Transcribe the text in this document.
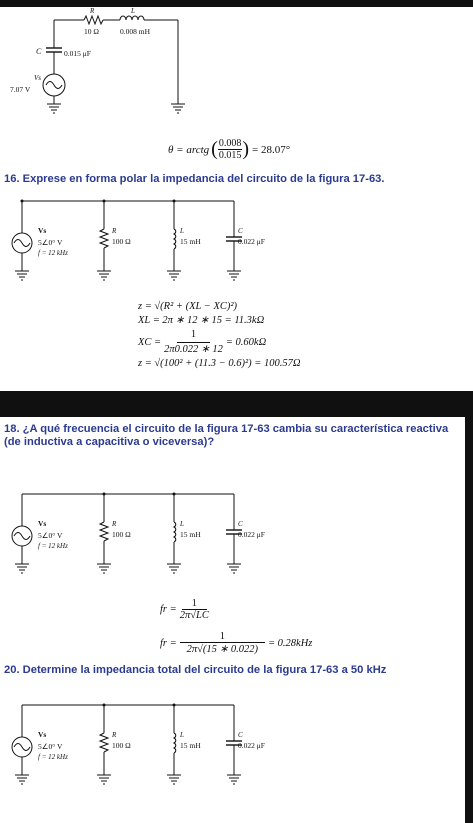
R
10 Ω
L
0.008 mH
C	0.015 μF
Vs
7.07 V
θ = arctg ( $\frac{0.008}{0.015}$ ) = 28.07°
16. Exprese en forma polar la impedancia del circuito de la figura 17-63.
Vs
5∠0° V
f = 12 kHz
R
100 Ω
L
15 mH
C
0.022 μF
z = √(R² + (XL − XC)²)
XL = 2π ∗ 12 ∗ 15 = 11.3kΩ
XC = $\frac{1}{2\pi 0.022 ∗ 12} = 0.60k\Omega$
z = √(100² + (11.3 − 0.6)²) = 100.57Ω
18. ¿A qué frecuencia el circuito de la figura 17-63 cambia su característica reactiva (de inductiva a capacitiva o viceversa)?
Vs
5∠0° V
f = 12 kHz
R
100 Ω
L
15 mH
C
0.022 μF
fr = $\frac{1}{2\pi√LC}$
fr = $\frac{1}{2\pi√(15 ∗ 0.022)} = 0.28kHz$
20. Determine la impedancia total del circuito de la figura 17-63 a 50 kHz
Vs
5∠0° V
f = 12 kHz
R
100 Ω
L
15 mH
C
0.022 μF
